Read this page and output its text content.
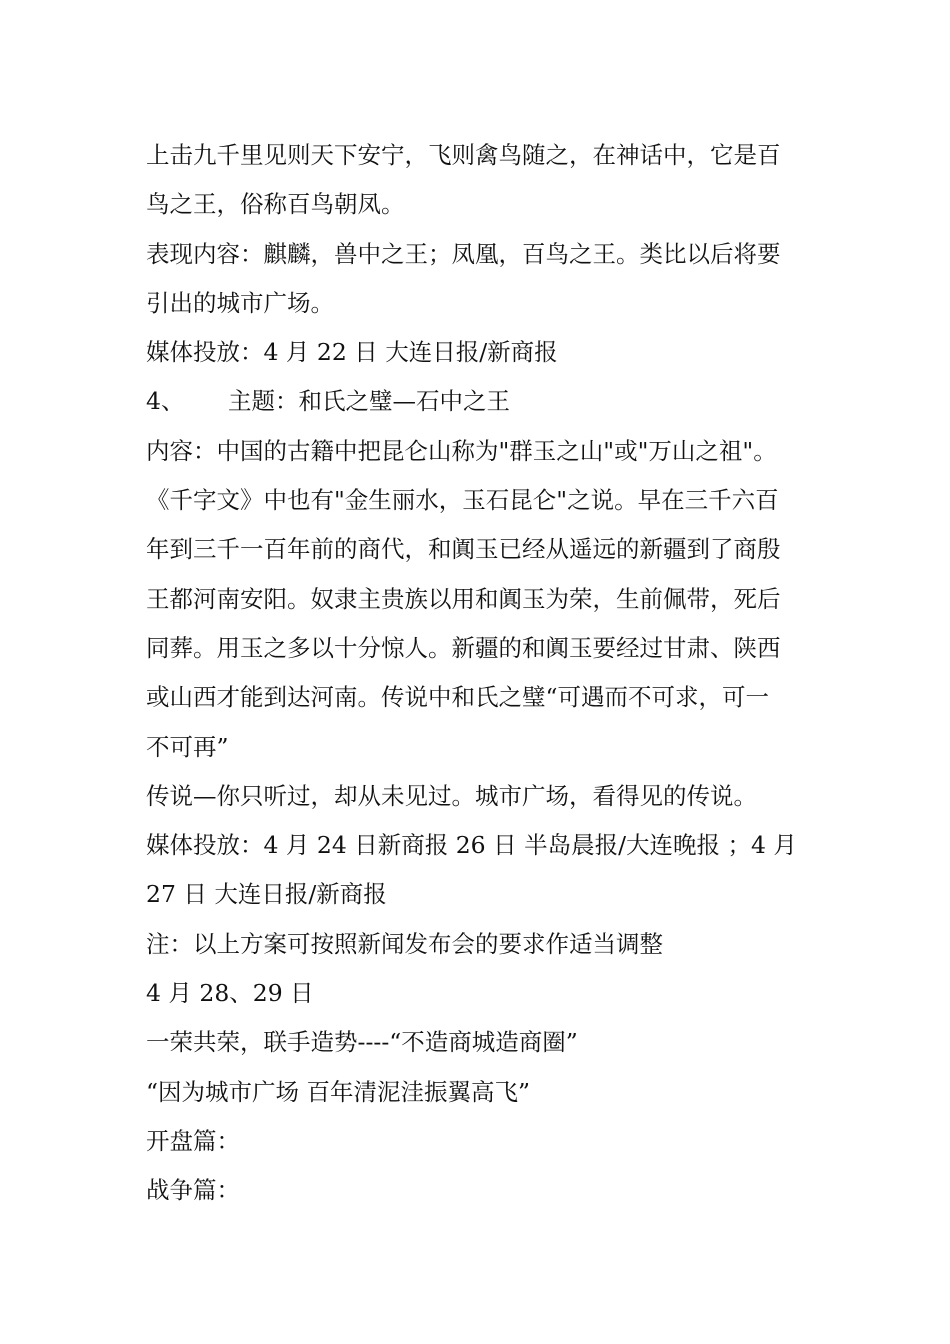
上击九千里见则天下安宁，飞则禽鸟随之，在神话中，它是百

鸟之王，俗称百鸟朝凤。

表现内容：麒麟，兽中之王；凤凰，百鸟之王。类比以后将要

引出的城市广场。

媒体投放：4 月 22 日 大连日报/新商报

4、 主题：和氏之璧—石中之王

内容：中国的古籍中把昆仑山称为"群玉之山"或"万山之祖"。

《千字文》中也有"金生丽水，玉石昆仑"之说。早在三千六百

年到三千一百年前的商代，和阗玉已经从遥远的新疆到了商殷

王都河南安阳。奴隶主贵族以用和阗玉为荣，生前佩带，死后

同葬。用玉之多以十分惊人。新疆的和阗玉要经过甘肃、陕西

或山西才能到达河南。传说中和氏之璧“可遇而不可求，可一

不可再”

传说—你只听过，却从未见过。城市广场，看得见的传说。

媒体投放：4 月 24 日新商报 26 日 半岛晨报/大连晚报 ；4 月

27 日 大连日报/新商报

注：以上方案可按照新闻发布会的要求作适当调整

4 月 28、29 日

一荣共荣，联手造势----“不造商城造商圈”

“因为城市广场 百年清泥洼振翼高飞”

开盘篇：

战争篇：
